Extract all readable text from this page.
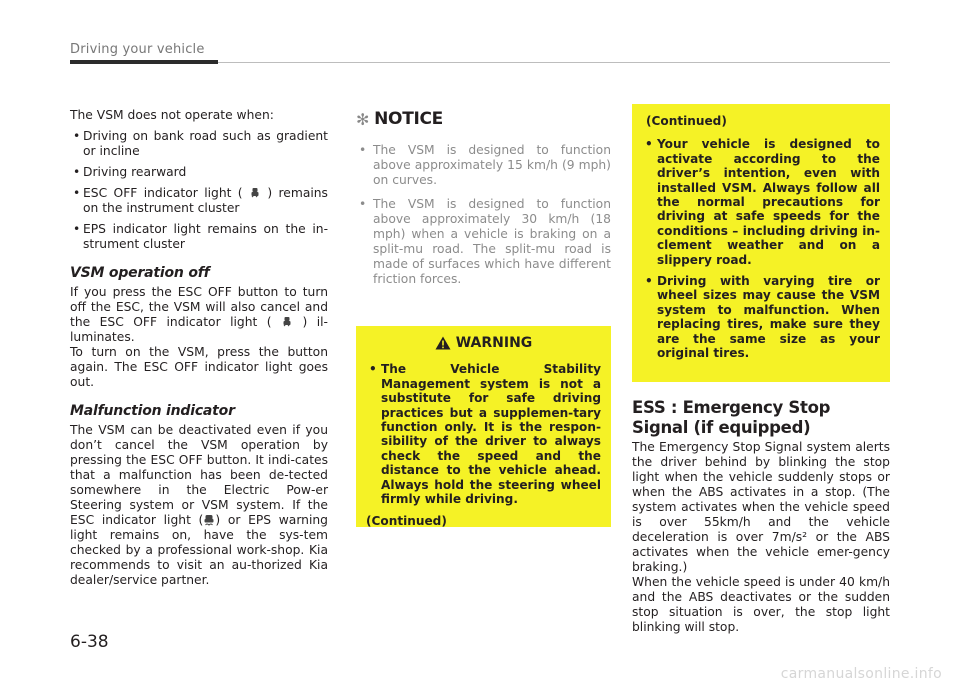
Driving your vehicle

The VSM does not operate when:

• Driving on bank road such as gradient or incline
• Driving rearward
• ESC OFF indicator light ( ) remains on the instrument cluster
• EPS indicator light remains on the in-strument cluster
VSM operation off

If you press the ESC OFF button to turn off the ESC, the VSM will also cancel and the ESC OFF indicator light (	) il-luminates.

To turn on the VSM, press the button again. The ESC OFF indicator light goes out.

Malfunction indicator

The VSM can be deactivated even if you don’t cancel the VSM operation by pressing the ESC OFF button. It indi-cates that a malfunction has been de-tected somewhere in the Electric Pow-er Steering system or VSM system. If the ESC indicator light ( ) or EPS warning light remains on, have the sys-tem checked by a professional work-shop. Kia recommends to visit an au-thorized Kia dealer/service partner.

✻ NOTICE
• The VSM is designed to function above approximately 15 km/h (9 mph) on curves.
• The VSM is designed to function above approximately 30 km/h (18 mph) when a vehicle is braking on a split-mu road. The split-mu road is made of surfaces which have different friction forces.
WARNING
• The Vehicle Stability Management system is not a substitute for safe driving practices but a supplemen-tary function only. It is the respon-sibility of the driver to always check the speed and the distance to the vehicle ahead. Always hold the steering wheel firmly while driving.
(Continued)
(Continued)
• Your vehicle is designed to activate according to the driver’s intention, even with installed VSM. Always follow all the normal precautions for driving at safe speeds for the conditions – including driving in-clement weather and on a slippery road.
• Driving with varying tire or wheel sizes may cause the VSM system to malfunction. When replacing tires, make sure they are the same size as your original tires.
ESS : Emergency Stop Signal (if equipped)

The Emergency Stop Signal system alerts the driver behind by blinking the stop light when the vehicle suddenly stops or when the ABS activates in a stop. (The system activates when the vehicle speed is over 55km/h and the vehicle deceleration is over 7m/s² or the ABS activates when the vehicle emer-gency braking.)

When the vehicle speed is under 40 km/h and the ABS deactivates or the sudden stop situation is over, the stop light blinking will stop.

6-38
carmanualsonline.info
